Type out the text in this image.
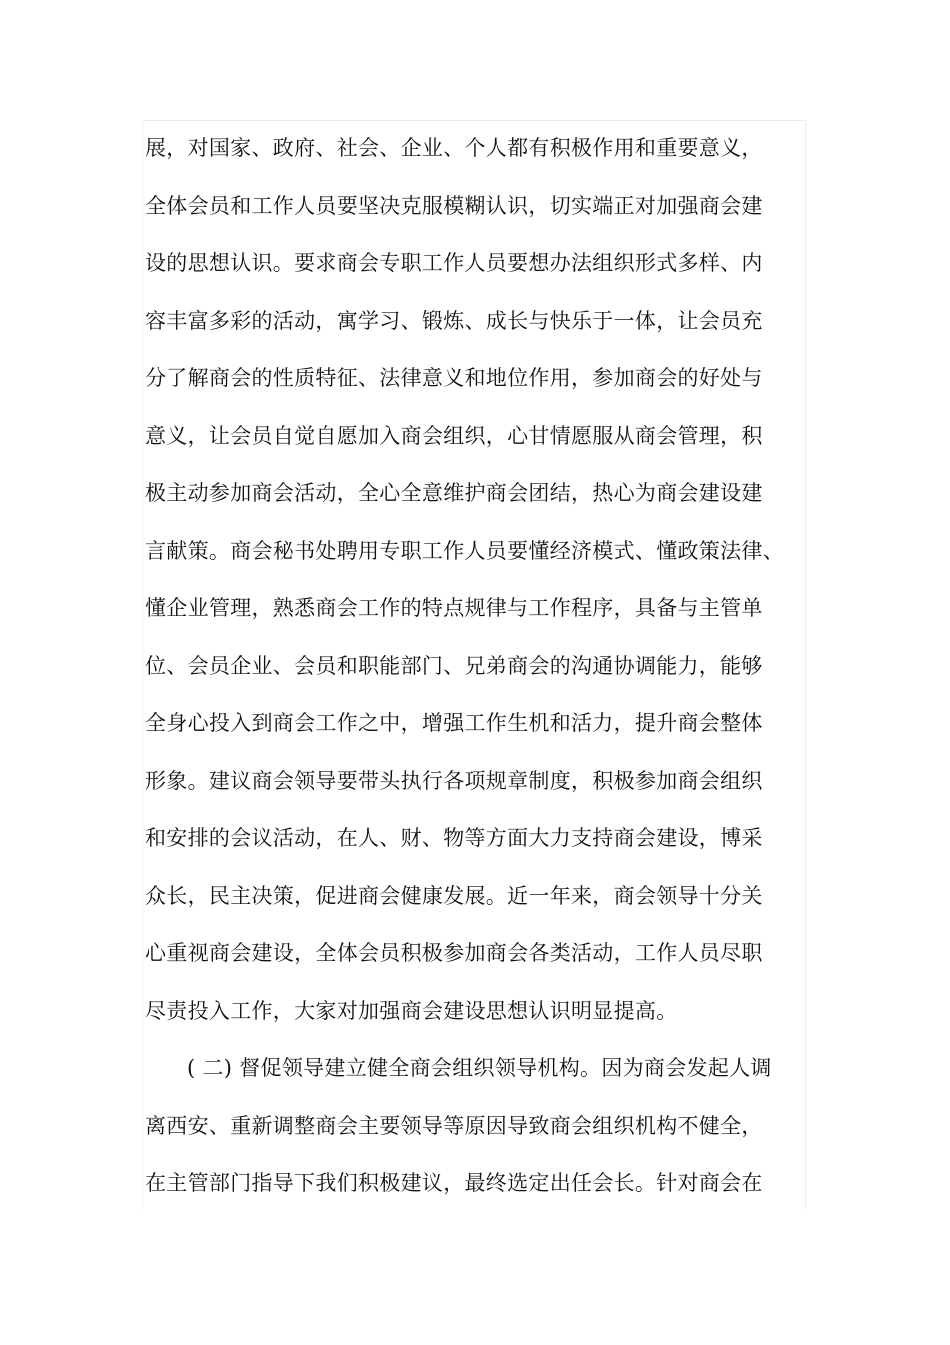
展，对国家、政府、社会、企业、个人都有积极作用和重要意义，
全体会员和工作人员要坚决克服模糊认识，切实端正对加强商会建
设的思想认识。要求商会专职工作人员要想办法组织形式多样、内
容丰富多彩的活动，寓学习、锻炼、成长与快乐于一体，让会员充
分了解商会的性质特征、法律意义和地位作用，参加商会的好处与
意义，让会员自觉自愿加入商会组织，心甘情愿服从商会管理，积
极主动参加商会活动，全心全意维护商会团结，热心为商会建设建
言献策。商会秘书处聘用专职工作人员要懂经济模式、懂政策法律、
懂企业管理，熟悉商会工作的特点规律与工作程序，具备与主管单
位、会员企业、会员和职能部门、兄弟商会的沟通协调能力，能够
全身心投入到商会工作之中，增强工作生机和活力，提升商会整体
形象。建议商会领导要带头执行各项规章制度，积极参加商会组织
和安排的会议活动，在人、财、物等方面大力支持商会建设，博采
众长，民主决策，促进商会健康发展。近一年来，商会领导十分关
心重视商会建设，全体会员积极参加商会各类活动，工作人员尽职
尽责投入工作，大家对加强商会建设思想认识明显提高。
( 二) 督促领导建立健全商会组织领导机构。因为商会发起人调
离西安、重新调整商会主要领导等原因导致商会组织机构不健全，
在主管部门指导下我们积极建议，最终选定出任会长。针对商会在
